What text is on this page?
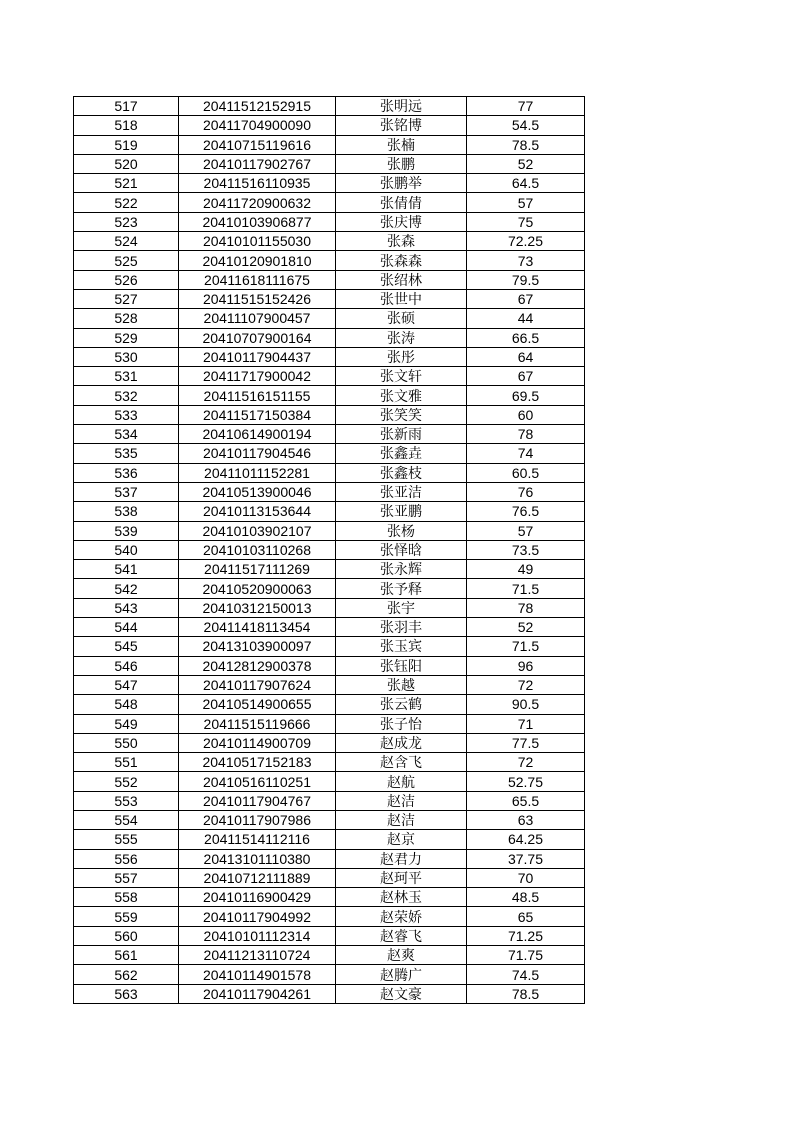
517	20411512152915	张明远	77
518	20411704900090	张铭博	54.5
519	20410715119616	张楠	78.5
520	20410117902767	张鹏	52
521	20411516110935	张鹏举	64.5
522	20411720900632	张倩倩	57
523	20410103906877	张庆博	75
524	20410101155030	张森	72.25
525	20410120901810	张森森	73
526	20411618111675	张绍林	79.5
527	20411515152426	张世中	67
528	20411107900457	张硕	44
529	20410707900164	张涛	66.5
530	20410117904437	张彤	64
531	20411717900042	张文轩	67
532	20411516151155	张文雅	69.5
533	20411517150384	张笑笑	60
534	20410614900194	张新雨	78
535	20410117904546	张鑫垚	74
536	20411011152281	张鑫枝	60.5
537	20410513900046	张亚洁	76
538	20410113153644	张亚鹏	76.5
539	20410103902107	张杨	57
540	20410103110268	张怿晗	73.5
541	20411517111269	张永辉	49
542	20410520900063	张予释	71.5
543	20410312150013	张宇	78
544	20411418113454	张羽丰	52
545	20413103900097	张玉宾	71.5
546	20412812900378	张钰阳	96
547	20410117907624	张越	72
548	20410514900655	张云鹤	90.5
549	20411515119666	张子怡	71
550	20410114900709	赵成龙	77.5
551	20410517152183	赵含飞	72
552	20410516110251	赵航	52.75
553	20410117904767	赵洁	65.5
554	20410117907986	赵洁	63
555	20411514112116	赵京	64.25
556	20413101110380	赵君力	37.75
557	20410712111889	赵珂平	70
558	20410116900429	赵林玉	48.5
559	20410117904992	赵荣娇	65
560	20410101112314	赵睿飞	71.25
561	20411213110724	赵爽	71.75
562	20410114901578	赵腾广	74.5
563	20410117904261	赵文豪	78.5
